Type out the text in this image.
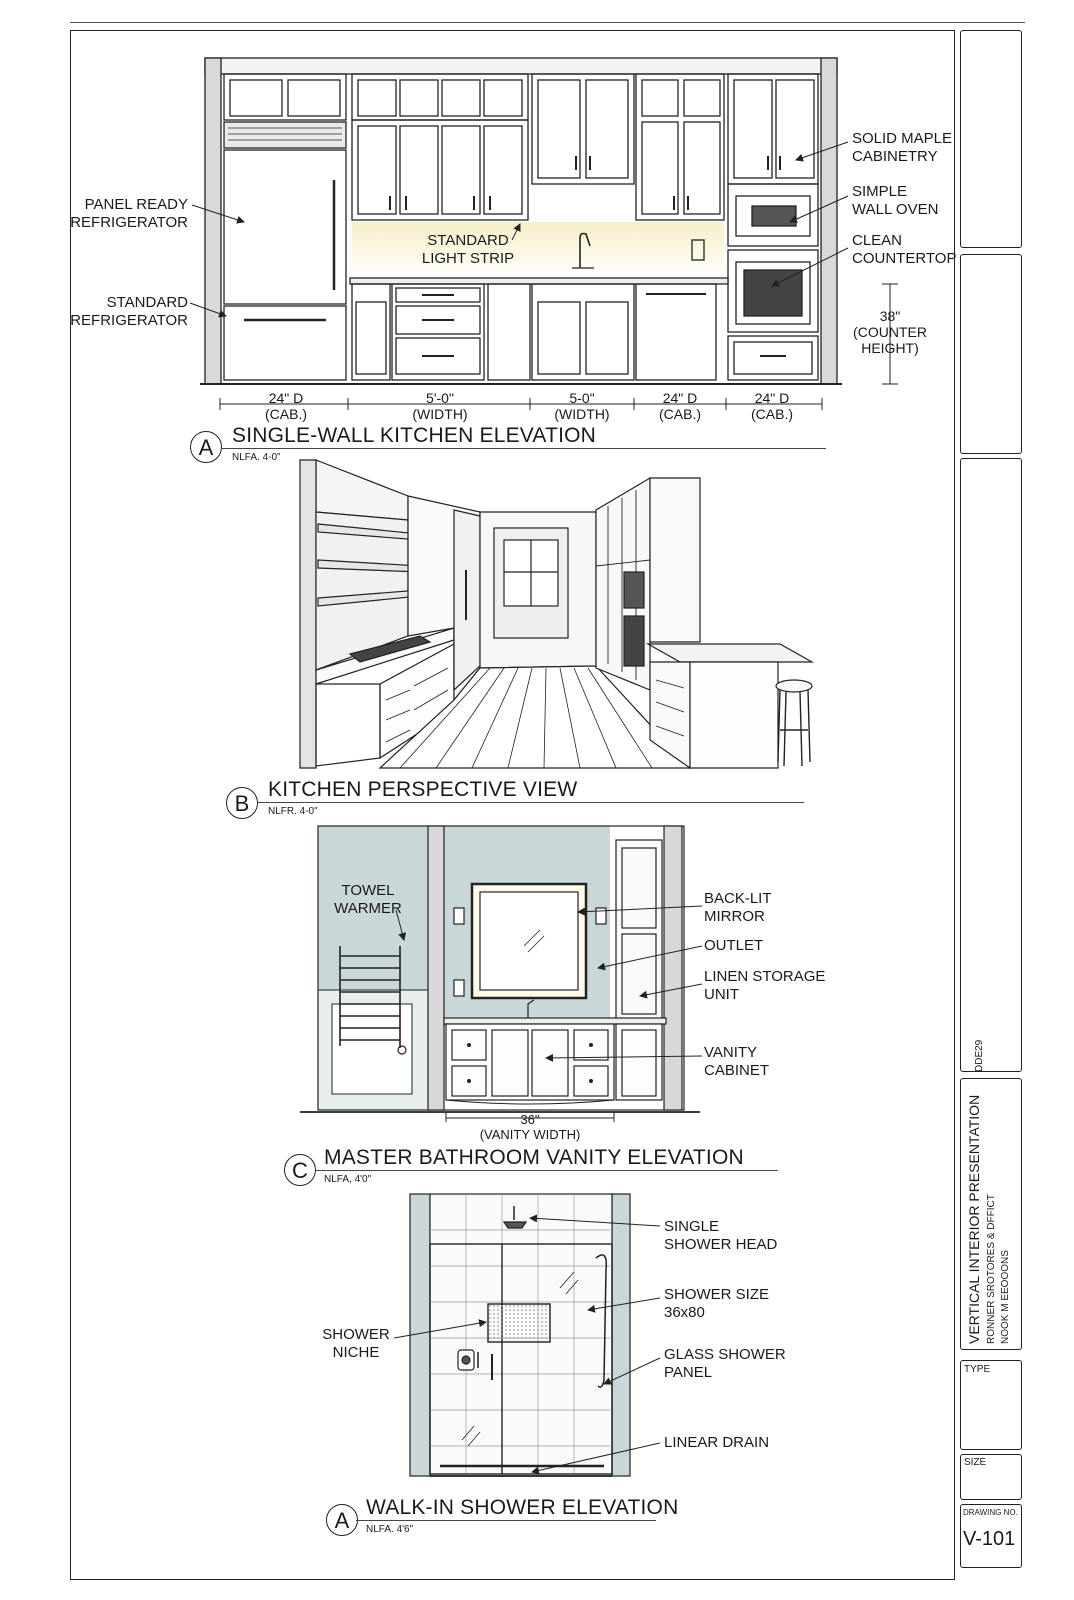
PANEL READY
REFRIGERATOR
STANDARD
REFRIGERATOR
STANDARD
LIGHT STRIP
SOLID MAPLE
CABINETRY
SIMPLE
WALL OVEN
CLEAN
COUNTERTOP
38"
(COUNTER
HEIGHT)
24" D
(CAB.)
5'-0"
(WIDTH)
5-0"
(WIDTH)
24" D
(CAB.)
24" D
(CAB.)
A SINGLE-WALL KITCHEN ELEVATION
NLFA. 4-0"
B
KITCHEN PERSPECTIVE VIEW
NLFR. 4-0"
TOWEL
WARMER
BACK-LIT
MIRROR
OUTLET
LINEN STORAGE
UNIT
VANITY
CABINET
36"
(VANITY WIDTH)
C
MASTER BATHROOM VANITY ELEVATION
NLFA, 4'0"
SINGLE
SHOWER HEAD
SHOWER SIZE
36x80
SHOWER
NICHE	GLASS SHOWER
PANEL
LINEAR DRAIN
A
WALK-IN SHOWER ELEVATION
NLFA. 4'6"
DDE29
VERTICAL INTERIOR PRESENTATION RONNER SROTORES & DFFICT NOOK M EEOOONS
TYPE
SIZE
DRAWING NO.
V-101
